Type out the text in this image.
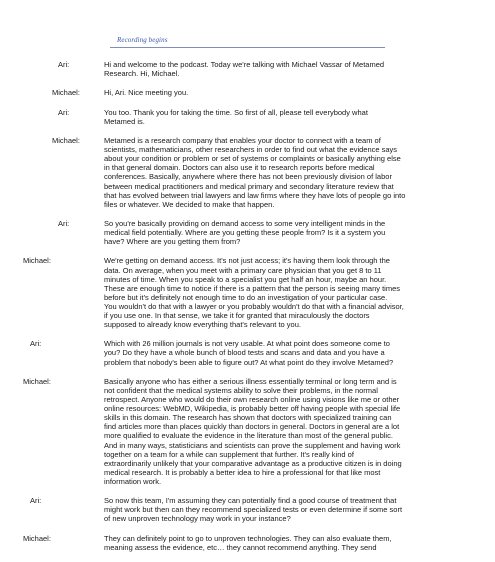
Recording begins
Ari:	Hi and welcome to the podcast. Today we're talking with Michael Vassar of Metamed
Research. Hi, Michael.
Michael:	Hi, Ari. Nice meeting you.
Ari:	You too. Thank you for taking the time. So first of all, please tell everybody what
Metamed is.
Michael:	Metamed is a research company that enables your doctor to connect with a team of
scientists, mathematicians, other researchers in order to find out what the evidence says
about your condition or problem or set of systems or complaints or basically anything else
in that general domain. Doctors can also use it to research reports before medical
conferences. Basically, anywhere where there has not been previously division of labor
between medical practitioners and medical primary and secondary literature review that
that has evolved between trial lawyers and law firms where they have lots of people go into
files or whatever. We decided to make that happen.
Ari:	So you're basically providing on demand access to some very intelligent minds in the
medical field potentially. Where are you getting these people from? Is it a system you
have? Where are you getting them from?
Michael:	We're getting on demand access. It's not just access; it's having them look through the
data. On average, when you meet with a primary care physician that you get 8 to 11
minutes of time. When you speak to a specialist you get half an hour, maybe an hour.
These are enough time to notice if there is a pattern that the person is seeing many times
before but it's definitely not enough time to do an investigation of your particular case.
You wouldn't do that with a lawyer or you probably wouldn't do that with a financial advisor,
if you use one. In that sense, we take it for granted that miraculously the doctors
supposed to already know everything that's relevant to you.
Ari:	Which with 26 million journals is not very usable. At what point does someone come to
you? Do they have a whole bunch of blood tests and scans and data and you have a
problem that nobody's been able to figure out? At what point do they involve Metamed?
Michael:	Basically anyone who has either a serious illness essentially terminal or long term and is
not confident that the medical systems ability to solve their problems, in the normal
retrospect. Anyone who would do their own research online using visions like me or other
online resources: WebMD, Wikipedia, is probably better off having people with special life
skills in this domain. The research has shown that doctors with specialized training can
find articles more than places quickly than doctors in general. Doctors in general are a lot
more qualified to evaluate the evidence in the literature than most of the general public.
And in many ways, statisticians and scientists can prove the supplement and having work
together on a team for a while can supplement that further. It's really kind of
extraordinarily unlikely that your comparative advantage as a productive citizen is in doing
medical research. It is probably a better idea to hire a professional for that like most
information work.
Ari:	So now this team, I'm assuming they can potentially find a good course of treatment that
might work but then can they recommend specialized tests or even determine if some sort
of new unproven technology may work in your instance?
Michael:	They can definitely point to go to unproven technologies. They can also evaluate them,
meaning assess the evidence, etc… they cannot recommend anything. They send
